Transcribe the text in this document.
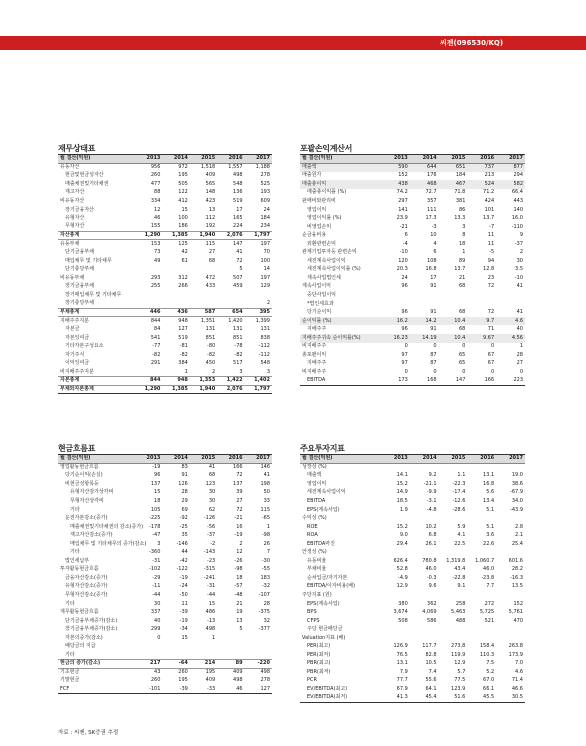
씨젠(096530/KQ)
재무상태표
월 결산(억원)	2013	2014	2015	2016	2017
유동자산	956	972	1,518	1,557	1,188
현금및현금성자산	260	195	409	498	278
매출채권및기타채권	477	505	565	548	525
재고자산	88	122	148	136	193
비유동자산	334	412	423	519	609
장기금융자산	12	15	13	17	24
유형자산	46	100	112	165	184
무형자산	155	186	192	224	234
자산총계	1,290	1,385	1,940	2,076	1,797
유동부채	153	125	115	147	197
단기금융부채	73	42	27	41	70
매입채무 및 기타채무	49	61	68	72	100
단기충당부채				5	14
비유동부채	293	312	472	507	197
장기금융부채	255	266	433	459	129
장기매입채무 및 기타채무					
장기충당부채					2
부채총계	446	436	587	654	395
지배주주지분	844	948	1,351	1,420	1,399
자본금	84	127	131	131	131
자본잉여금	541	519	851	851	838
기타자본구성요소	-77	-81	-80	-78	-112
자기주식	-82	-82	-82	-82	-112
이익잉여금	291	384	450	517	548
비지배주주지분		1	2	3	3
자본총계	844	948	1,353	1,422	1,402
부채와자본총계	1,290	1,385	1,940	2,076	1,797
포괄손익계산서
월 결산(억원)	2013	2014	2015	2016	2017
매출액	590	644	651	737	877
매출원가	152	176	184	213	294
매출총이익	438	468	467	524	582
매출총이익률 (%)	74.2	72.7	71.8	71.2	66.4
판매비와관리비	297	357	381	424	443
영업이익	141	111	86	101	140
영업이익률 (%)	23.9	17.3	13.3	13.7	16.0
비영업손익	-21	-3	3	-7	-110
순금융비용	6	10	8	11	9
외환관련손익	-4	4	18	11	-37
관계기업투자등 관련손익	-10	6	1	-5	2
세전계속사업이익	120	108	89	94	30
세전계속사업이익률 (%)	20.3	16.8	13.7	12.8	3.5
계속사업법인세	24	17	21	23	-10
계속사업이익	96	91	68	72	41
중단사업이익					
*법인세효과					
당기순이익	96	91	68	72	41
순이익률 (%)	16.2	14.2	10.4	9.7	4.6
지배주주	96	91	68	71	40
지배주주귀속 순이익률(%)	16.23	14.19	10.4	9.67	4.56
비지배주주	0	0	0	0	1
총포괄이익	97	87	65	67	28
지배주주	97	87	65	67	27
비지배주주	0	0	0	0	0
EBITDA	173	168	147	166	223
현금흐름표
월 결산(억원)	2013	2014	2015	2016	2017
영업활동현금흐름	-19	83	41	166	146
당기순이익(손실)	96	91	68	72	41
비현금성항목등	137	126	123	137	198
유형자산감가상각비	15	28	30	39	50
무형자산상각비	18	29	30	27	33
기타	105	69	62	72	115
운전자본감소(증가)	-225	-92	-126	-21	-65
매출채권및기타채권의 감소(증가)	-178	-25	-56	16	1
재고자산감소(증가)	-47	35	-37	-19	-98
매입채무 및 기타채무의 증가(감소)	3	-146	-2	2	26
기타	-360	44	-143	12	7
법인세납부	-31	-42	-23	-26	-30
투자활동현금흐름	-102	-122	-315	-98	-55
금융자산감소(증가)	-29	-19	-241	18	183
유형자산감소(증가)	-11	-24	-31	-57	-32
무형자산감소(증가)	-44	-50	-44	-48	-107
기타	30	11	15	21	28
재무활동현금흐름	337	-39	486	19	-375
단기금융부채증가(감소)	40	-19	-13	13	32
장기금융부채증가(감소)	299	-34	498	5	-377
자본의증가(감소)	0	15	1		
배당금의 지급					
기타					
현금의 증가(감소)	217	-64	214	89	-220
기초현금	43	260	195	409	498
기말현금	260	195	409	498	278
FCF	-101	-39	-33	46	127
주요투자지표
월 결산(억원)	2013	2014	2015	2016	2017
성장성 (%)					
매출액	14.1	9.2	1.1	13.1	19.0
영업이익	15.2	-21.1	-22.3	16.8	38.6
세전계속사업이익	14.9	-9.9	-17.4	5.6	-67.9
EBITDA	18.5	-3.1	-12.6	13.4	34.0
EPS(계속사업)	1.9	-4.8	-28.6	5.1	-43.9
수익성 (%)					
ROE	15.2	10.2	5.9	5.1	2.8
ROA	9.0	6.8	4.1	3.6	2.1
EBITDA마진	29.4	26.1	22.5	22.6	25.4
안정성 (%)					
유동비율	626.4	780.8	1,319.8	1,060.7	601.6
부채비율	52.8	46.0	43.4	46.0	28.2
순차입금/자기자본	-4.9	-0.3	-22.8	-23.8	-16.3
EBITDA/이자비용(배)	12.9	9.6	9.1	7.7	13.5
주당지표 (원)					
EPS(계속사업)	380	362	258	272	152
BPS	3,674	4,069	5,463	5,725	5,761
CFPS	508	586	488	521	470
주당 현금배당금					
Valuation지표 (배)					
PER(최고)	126.9	117.7	273.8	158.4	263.8
PER(최저)	76.5	82.8	119.9	110.3	173.9
PBR(최고)	13.1	10.5	12.9	7.5	7.0
PBR(최저)	7.9	7.4	5.7	5.2	4.6
PCR	77.7	55.6	77.5	67.0	71.4
EV/EBITDA(최고)	67.9	64.1	123.9	66.1	46.6
EV/EBITDA(최저)	41.3	45.4	51.6	45.5	30.5
자료 : 씨젠, SK증권 추정
